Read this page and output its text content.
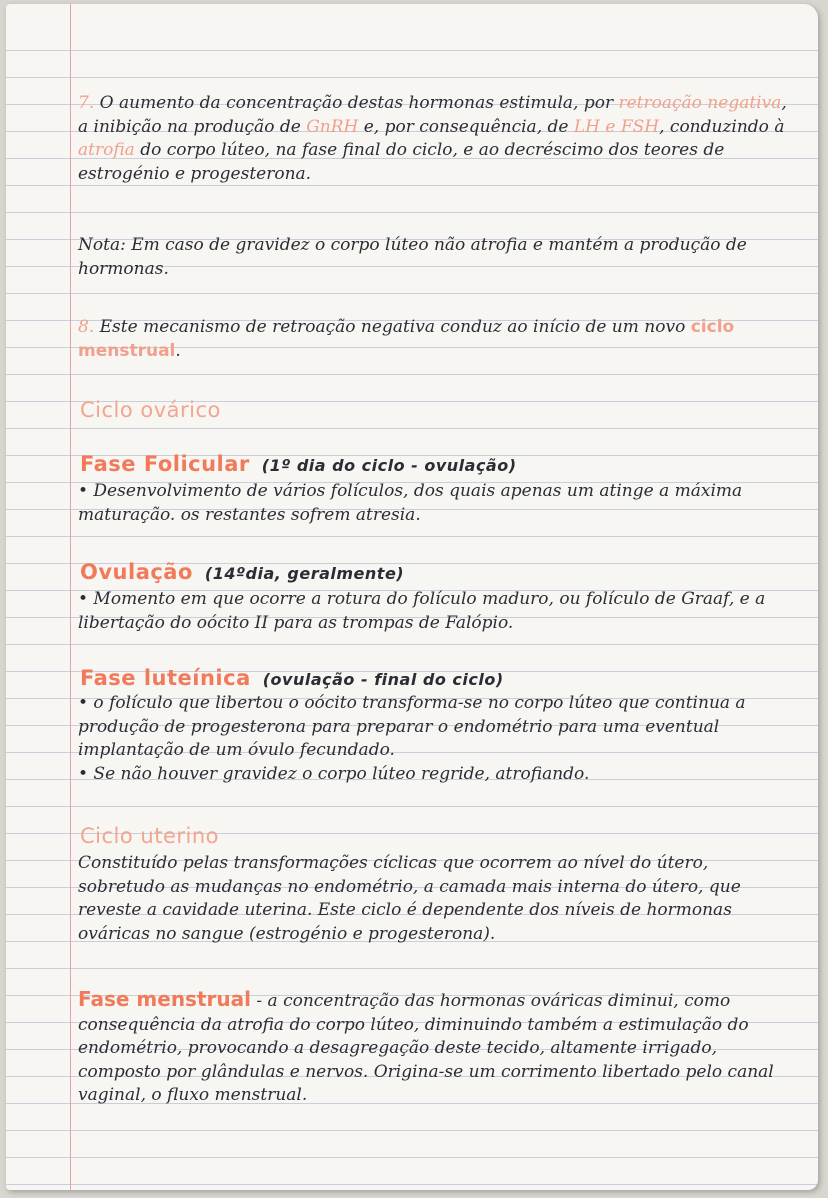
7. O aumento da concentração destas hormonas estimula, por retroação negativa, a inibição na produção de GnRH e, por consequência, de LH e FSH, conduzindo à atrofia do corpo lúteo, na fase final do ciclo, e ao decréscimo dos teores de estrogénio e progesterona.
Nota: Em caso de gravidez o corpo lúteo não atrofia e mantém a produção de hormonas.
8. Este mecanismo de retroação negativa conduz ao início de um novo ciclo menstrual.
Ciclo ovárico
Fase Folicular (1º dia do ciclo - ovulação)
• Desenvolvimento de vários folículos, dos quais apenas um atinge a máxima maturação. os restantes sofrem atresia.
Ovulação (14ºdia, geralmente)
• Momento em que ocorre a rotura do folículo maduro, ou folículo de Graaf, e a libertação do oócito II para as trompas de Falópio.
Fase luteínica (ovulação - final do ciclo)
• o folículo que libertou o oócito transforma-se no corpo lúteo que continua a produção de progesterona para preparar o endométrio para uma eventual implantação de um óvulo fecundado.
• Se não houver gravidez o corpo lúteo regride, atrofiando.
Ciclo uterino
Constituído pelas transformações cíclicas que ocorrem ao nível do útero, sobretudo as mudanças no endométrio, a camada mais interna do útero, que reveste a cavidade uterina. Este ciclo é dependente dos níveis de hormonas ováricas no sangue (estrogénio e progesterona).
Fase menstrual - a concentração das hormonas ováricas diminui, como consequência da atrofia do corpo lúteo, diminuindo também a estimulação do endométrio, provocando a desagregação deste tecido, altamente irrigado, composto por glândulas e nervos. Origina-se um corrimento libertado pelo canal vaginal, o fluxo menstrual.
